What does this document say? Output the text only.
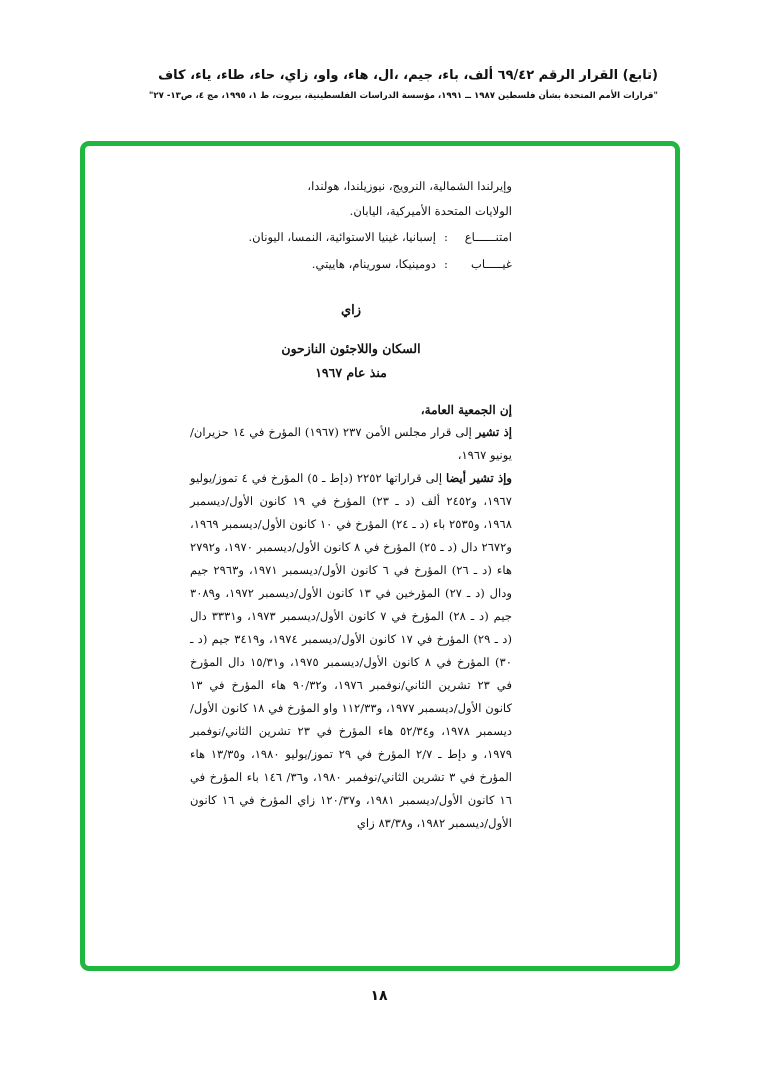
(تابع) القرار الرقم ٦٩/٤٢ ألف، باء، جيم، ،ال، هاء، واو، زاي، حاء، طاء، ياء، كاف
"قرارات الأمم المتحدة بشأن فلسطين ١٩٨٧ ــ ١٩٩١، مؤسسة الدراسات الفلسطينية، بيروت، ط ١، ١٩٩٥، مج ٤، ص١٣- ٢٧"
وإيرلندا الشمالية، النرويج، نيوزيلندا، هولندا،
الولايات المتحدة الأميركية، اليابان.
امتنــــــاع:إسبانيا، غينيا الاستوائية، النمسا، اليونان.
غيـــــاب:دومينيكا، سورينام، هاييتي.
زاي
السكان واللاجئون النازحون
منذ عام ١٩٦٧
إن الجمعية العامة،

إذ تشير إلى قرار مجلس الأمن ٢٣٧ (١٩٦٧) المؤرخ في ١٤ حزيران/يونيو ١٩٦٧،

وإذ تشير أيضا إلى قراراتها ٢٢٥٢ (دإط ـ ٥) المؤرخ في ٤ تموز/يوليو ١٩٦٧، و٢٤٥٢ ألف (د ـ ٢٣) المؤرخ في ١٩ كانون الأول/ديسمبر ١٩٦٨، و٢٥٣٥ باء (د ـ ٢٤) المؤرخ في ١٠ كانون الأول/ديسمبر ١٩٦٩، و٢٦٧٢ دال (د ـ ٢٥) المؤرخ في ٨ كانون الأول/ديسمبر ١٩٧٠، و٢٧٩٢ هاء (د ـ ٢٦) المؤرخ في ٦ كانون الأول/ديسمبر ١٩٧١، و٢٩٦٣ جيم ودال (د ـ ٢٧) المؤرخين في ١٣ كانون الأول/ديسمبر ١٩٧٢، و٣٠٨٩ جيم (د ـ ٢٨) المؤرخ في ٧ كانون الأول/ديسمبر ١٩٧٣، و٣٣٣١ دال (د ـ ٢٩) المؤرخ في ١٧ كانون الأول/ديسمبر ١٩٧٤، و٣٤١٩ جيم (د ـ ٣٠) المؤرخ في ٨ كانون الأول/ديسمبر ١٩٧٥، و١٥/٣١ دال المؤرخ في ٢٣ تشرين الثاني/نوفمبر ١٩٧٦، و٩٠/٣٢ هاء المؤرخ في ١٣ كانون الأول/ديسمبر ١٩٧٧، و١١٢/٣٣ واو المؤرخ في ١٨ كانون الأول/ديسمبر ١٩٧٨، و٥٢/٣٤ هاء المؤرخ في ٢٣ تشرين الثاني/نوفمبر ١٩٧٩، و دإط ـ ٢/٧ المؤرخ في ٢٩ تموز/يوليو ١٩٨٠، و١٣/٣٥ هاء المؤرخ في ٣ تشرين الثاني/نوفمبر ١٩٨٠، و٣٦/ ١٤٦ باء المؤرخ في ١٦ كانون الأول/ديسمبر ١٩٨١، و١٢٠/٣٧ زاي المؤرخ في ١٦ كانون الأول/ديسمبر ١٩٨٢، و٨٣/٣٨ زاي

١٨
